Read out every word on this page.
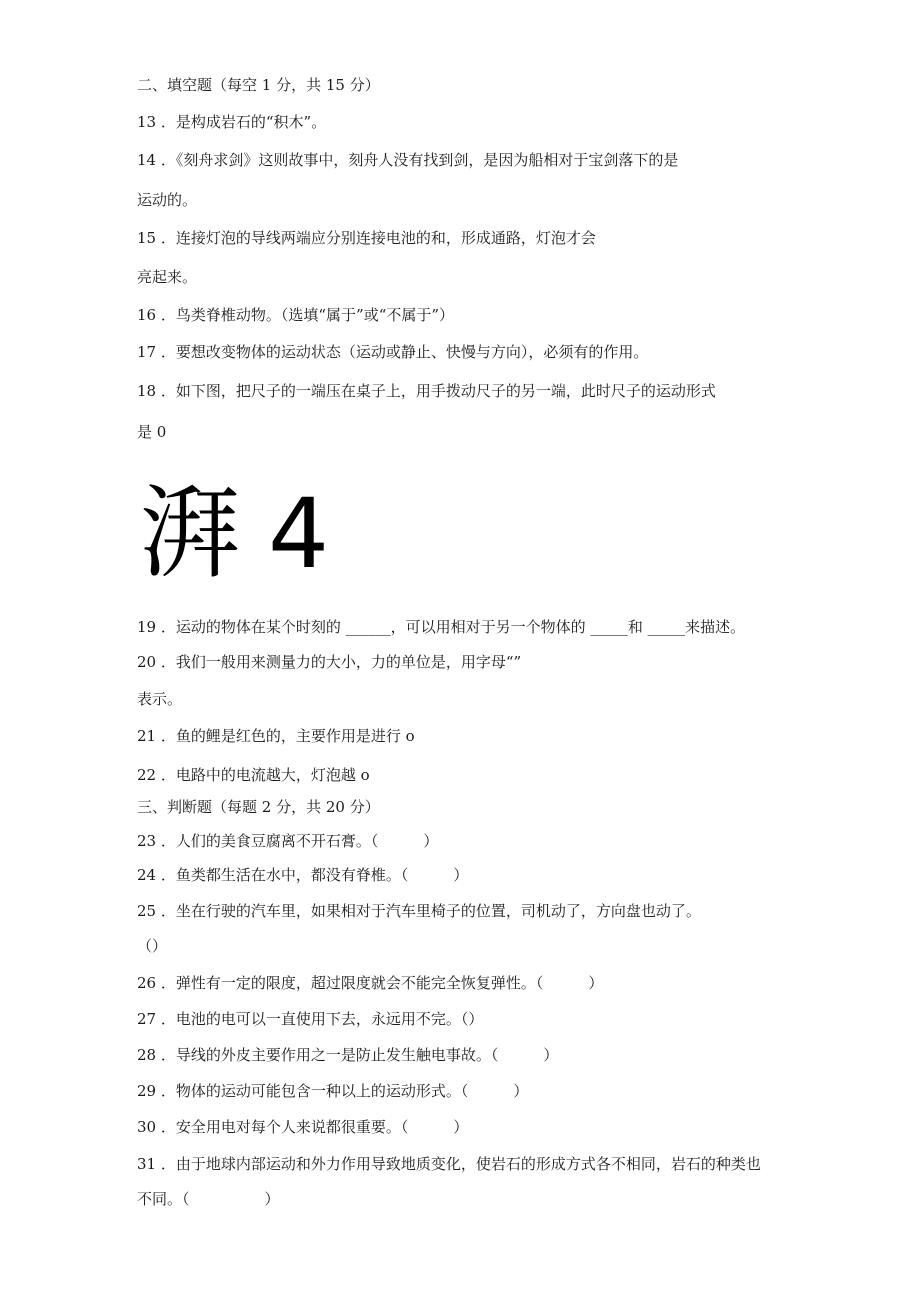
二、填空题（每空 1 分，共 15 分）
13 ．是构成岩石的“积木”。
14 ．《刻舟求剑》这则故事中，刻舟人没有找到剑，是因为船相对于宝剑落下的是
运动的。
15 ．连接灯泡的导线两端应分别连接电池的和，形成通路，灯泡才会
亮起来。
16 ．鸟类脊椎动物。（选填“属于”或“不属于”）
17 ．要想改变物体的运动状态（运动或静止、快慢与方向），必须有的作用。
18 ．如下图，把尺子的一端压在桌子上，用手拨动尺子的另一端，此时尺子的运动形式
是 0
湃 4
19 ．运动的物体在某个时刻的 ______，可以用相对于另一个物体的 _____和 _____来描述。
20 ．我们一般用来测量力的大小，力的单位是，用字母“”
表示。
21 ．鱼的鲤是红色的，主要作用是进行 o
22 ．电路中的电流越大，灯泡越 o
三、判断题（每题 2 分，共 20 分）
23 ．人们的美食豆腐离不开石膏。（　　　）
24 ．鱼类都生活在水中，都没有脊椎。（　　　）
25 ．坐在行驶的汽车里，如果相对于汽车里椅子的位置，司机动了，方向盘也动了。
（）
26 ．弹性有一定的限度，超过限度就会不能完全恢复弹性。（　　　）
27 ．电池的电可以一直使用下去，永远用不完。（）
28 ．导线的外皮主要作用之一是防止发生触电事故。（　　　）
29 ．物体的运动可能包含一种以上的运动形式。（　　　）
30 ．安全用电对每个人来说都很重要。（　　　）
31 ．由于地球内部运动和外力作用导致地质变化，使岩石的形成方式各不相同，岩石的种类也
不同。（　　　　　）
